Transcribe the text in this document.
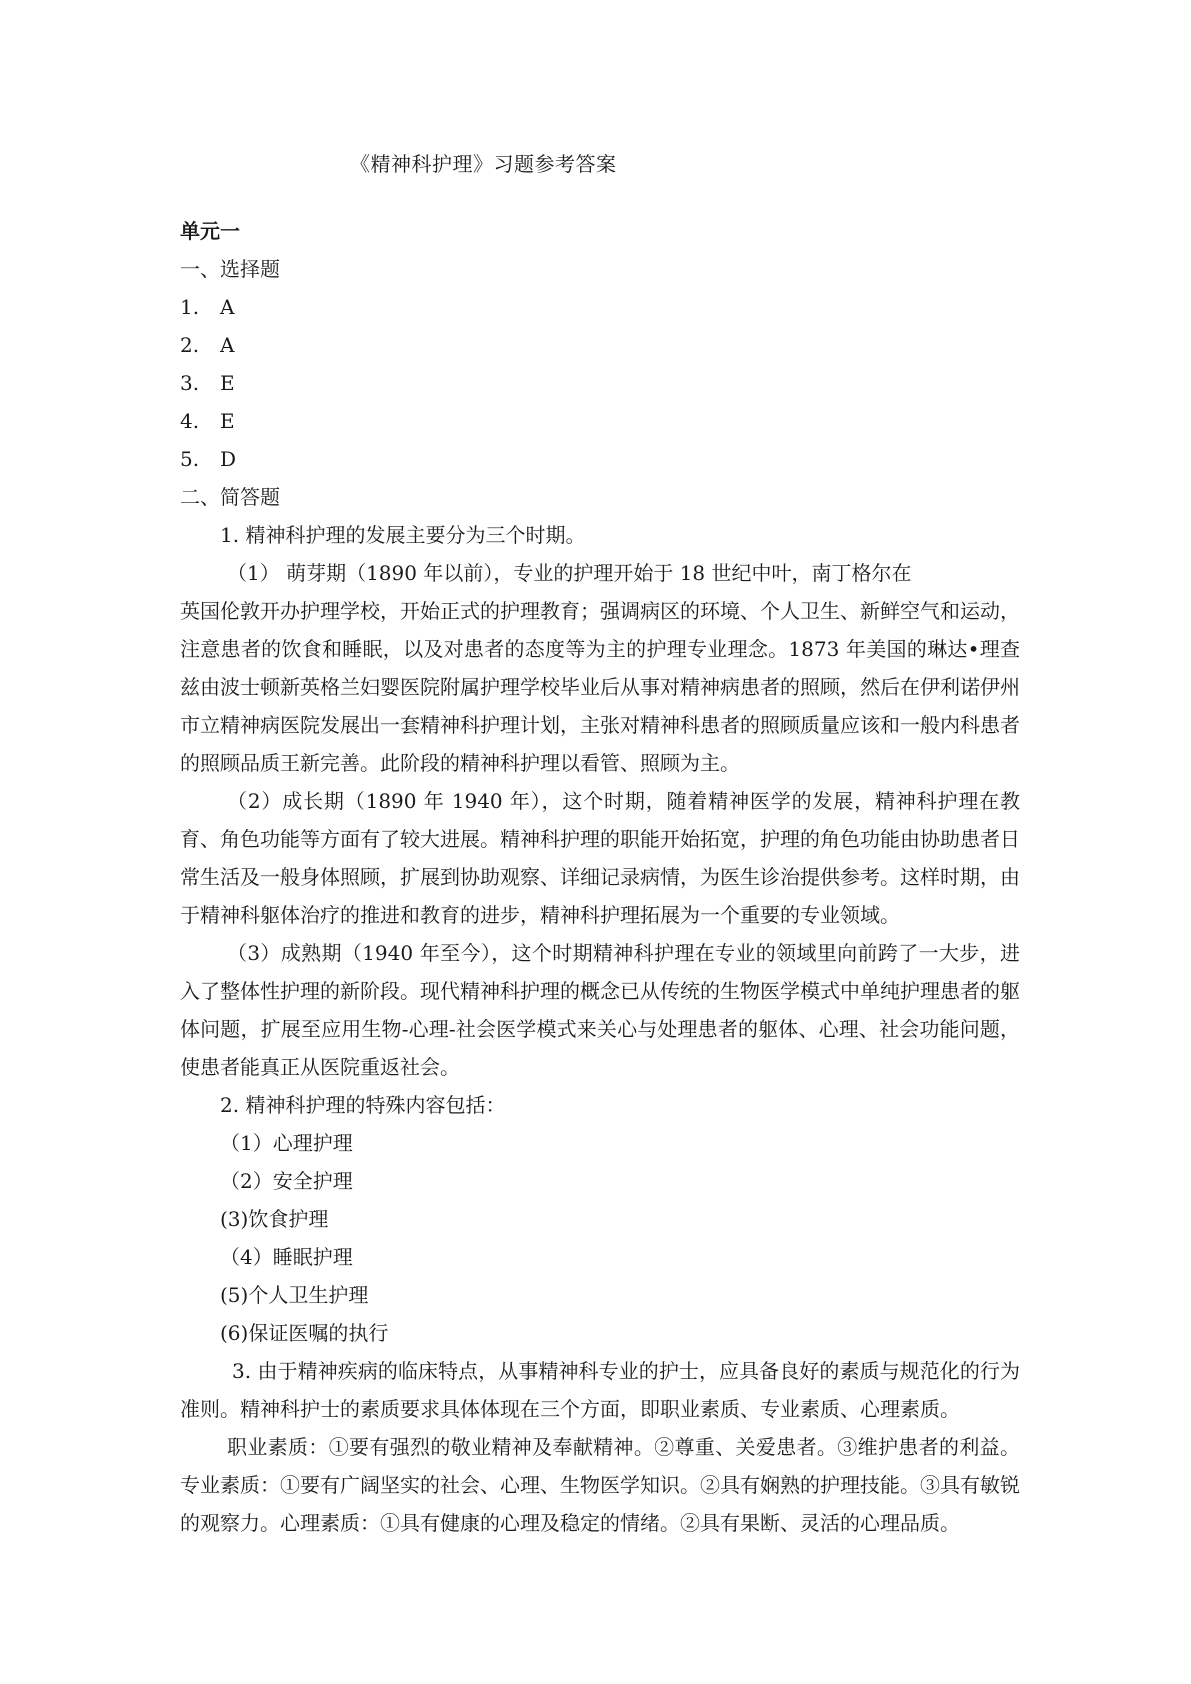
《精神科护理》习题参考答案
单元一
一、选择题
1. A
2. A
3. E
4. E
5. D
二、简答题
1. 精神科护理的发展主要分为三个时期。
（1） 萌芽期（1890 年以前），专业的护理开始于 18 世纪中叶，南丁格尔在
英国伦敦开办护理学校，开始正式的护理教育；强调病区的环境、个人卫生、新鲜空气和运动，注意患者的饮食和睡眠，以及对患者的态度等为主的护理专业理念。1873 年美国的琳达•理查兹由波士顿新英格兰妇婴医院附属护理学校毕业后从事对精神病患者的照顾，然后在伊利诺伊州市立精神病医院发展出一套精神科护理计划，主张对精神科患者的照顾质量应该和一般内科患者的照顾品质王新完善。此阶段的精神科护理以看管、照顾为主。
（2）成长期（1890 年 1940 年），这个时期，随着精神医学的发展，精神科护理在教育、角色功能等方面有了较大进展。精神科护理的职能开始拓宽，护理的角色功能由协助患者日常生活及一般身体照顾，扩展到协助观察、详细记录病情，为医生诊治提供参考。这样时期，由于精神科躯体治疗的推进和教育的进步，精神科护理拓展为一个重要的专业领域。
（3）成熟期（1940 年至今），这个时期精神科护理在专业的领域里向前跨了一大步，进入了整体性护理的新阶段。现代精神科护理的概念已从传统的生物医学模式中单纯护理患者的躯体问题，扩展至应用生物-心理-社会医学模式来关心与处理患者的躯体、心理、社会功能问题，使患者能真正从医院重返社会。
2. 精神科护理的特殊内容包括：
（1）心理护理
（2）安全护理
(3)饮食护理
（4）睡眠护理
(5)个人卫生护理
(6)保证医嘱的执行
3. 由于精神疾病的临床特点，从事精神科专业的护士，应具备良好的素质与规范化的行为准则。精神科护士的素质要求具体体现在三个方面，即职业素质、专业素质、心理素质。
职业素质：①要有强烈的敬业精神及奉献精神。②尊重、关爱患者。③维护患者的利益。专业素质：①要有广阔坚实的社会、心理、生物医学知识。②具有娴熟的护理技能。③具有敏锐的观察力。心理素质：①具有健康的心理及稳定的情绪。②具有果断、灵活的心理品质。
